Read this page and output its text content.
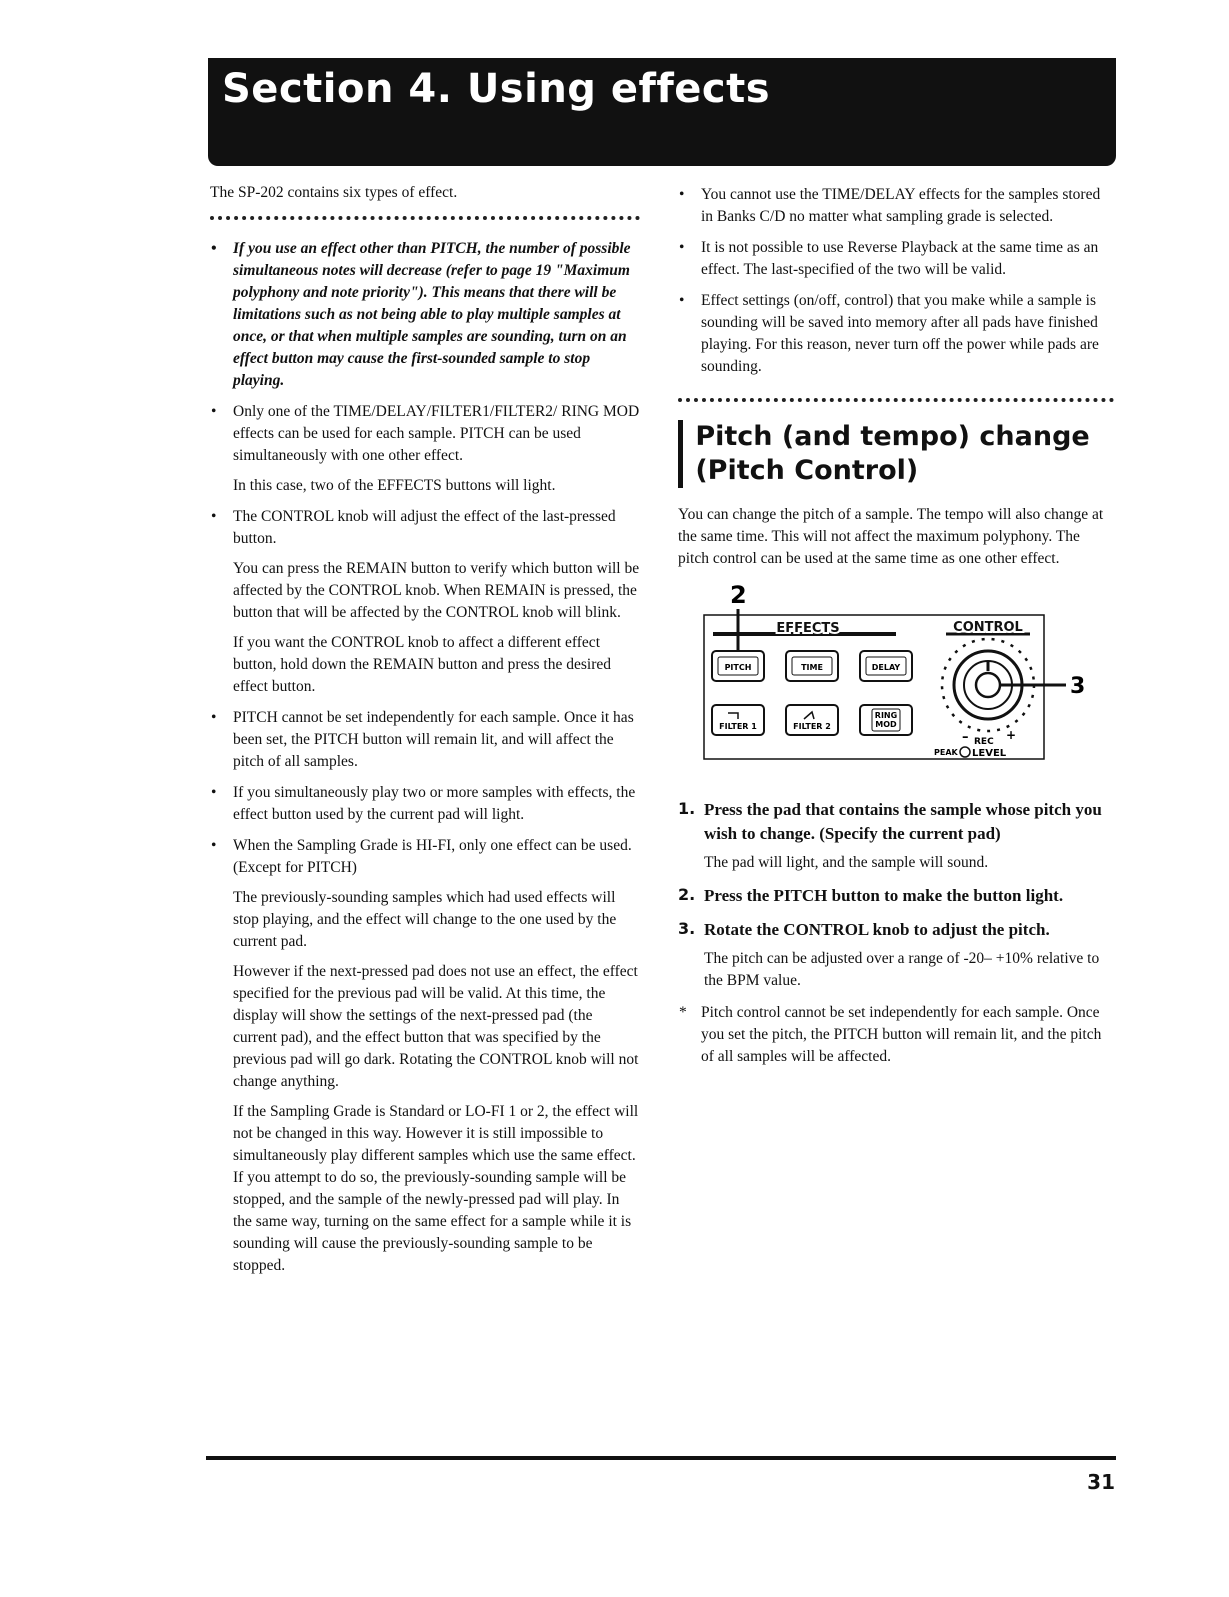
Section 4. Using effects

The SP-202 contains six types of effect.

• If you use an effect other than PITCH, the number of possible simultaneous notes will decrease (refer to page 19 "Maximum polyphony and note priority"). This means that there will be limitations such as not being able to play multiple samples at once, or that when multiple samples are sounding, turn on an effect button may cause the first-sounded sample to stop playing.

• Only one of the TIME/DELAY/FILTER1/FILTER2/ RING MOD effects can be used for each sample. PITCH can be used simultaneously with one other effect.

In this case, two of the EFFECTS buttons will light.

• The CONTROL knob will adjust the effect of the last-pressed button.

You can press the REMAIN button to verify which button will be affected by the CONTROL knob. When REMAIN is pressed, the button that will be affected by the CONTROL knob will blink.

If you want the CONTROL knob to affect a different effect button, hold down the REMAIN button and press the desired effect button.

• PITCH cannot be set independently for each sample. Once it has been set, the PITCH button will remain lit, and will affect the pitch of all samples.

• If you simultaneously play two or more samples with effects, the effect button used by the current pad will light.

• When the Sampling Grade is HI-FI, only one effect can be used.(Except for PITCH)

The previously-sounding samples which had used effects will stop playing, and the effect will change to the one used by the current pad.

However if the next-pressed pad does not use an effect, the effect specified for the previous pad will be valid. At this time, the display will show the settings of the next-pressed pad (the current pad), and the effect button that was specified by the previous pad will go dark. Rotating the CONTROL knob will not change anything.

If the Sampling Grade is Standard or LO-FI 1 or 2, the effect will not be changed in this way. However it is still impossible to simultaneously play different samples which use the same effect. If you attempt to do so, the previously-sounding sample will be stopped, and the sample of the newly-pressed pad will play. In the same way, turning on the same effect for a sample while it is sounding will cause the previously-sounding sample to be stopped.

• You cannot use the TIME/DELAY effects for the samples stored in Banks C/D no matter what sampling grade is selected.

• It is not possible to use Reverse Playback at the same time as an effect. The last-specified of the two will be valid.

• Effect settings (on/off, control) that you make while a sample is sounding will be saved into memory after all pads have finished playing. For this reason, never turn off the power while pads are sounding.

Pitch (and tempo) change (Pitch Control)

You can change the pitch of a sample. The tempo will also change at the same time. This will not affect the maximum polyphony. The pitch control can be used at the same time as one other effect.

2
EFFECTS	CONTROL
PITCH	TIME	DELAY
FILTER 1	FILTER 2
RING
MOD
3
–	+
REC
PEAK LEVEL
1. Press the pad that contains the sample whose pitch you wish to change. (Specify the current pad)

The pad will light, and the sample will sound.

2. Press the PITCH button to make the button light.
3. Rotate the CONTROL knob to adjust the pitch.

The pitch can be adjusted over a range of -20– +10% relative to the BPM value.

* Pitch control cannot be set independently for each sample. Once you set the pitch, the PITCH button will remain lit, and the pitch of all samples will be affected.

31
